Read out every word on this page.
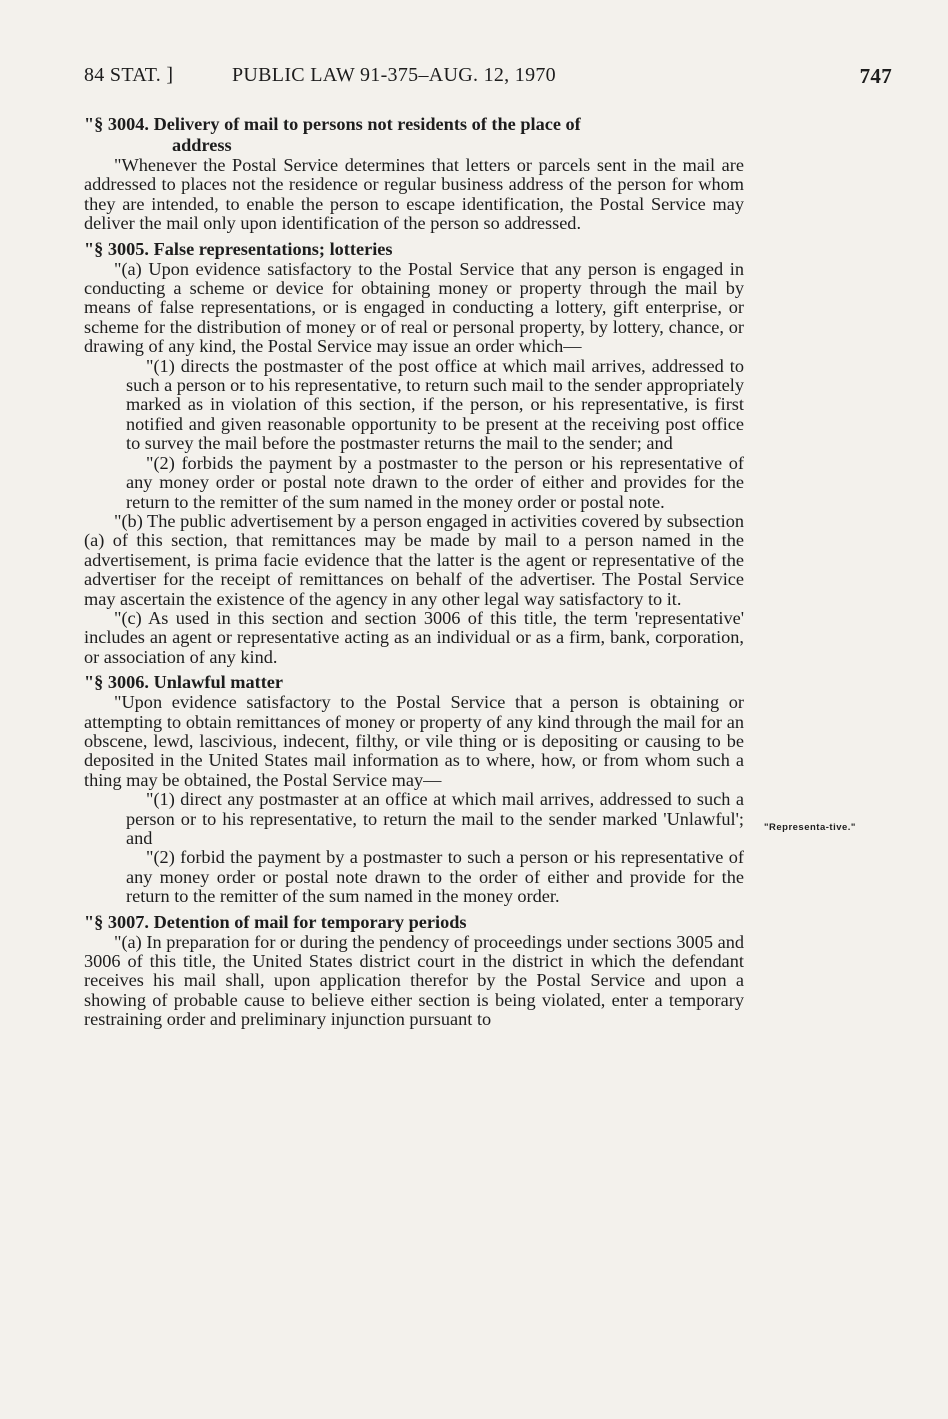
84 STAT. ]	PUBLIC LAW 91-375–AUG. 12, 1970	747
"Representa-tive."
"§ 3004. Delivery of mail to persons not residents of the place of
address

"Whenever the Postal Service determines that letters or parcels sent in the mail are addressed to places not the residence or regular business address of the person for whom they are intended, to enable the person to escape identification, the Postal Service may deliver the mail only upon identification of the person so addressed.

"§ 3005. False representations; lotteries

"(a) Upon evidence satisfactory to the Postal Service that any person is engaged in conducting a scheme or device for obtaining money or property through the mail by means of false representations, or is engaged in conducting a lottery, gift enterprise, or scheme for the distribution of money or of real or personal property, by lottery, chance, or drawing of any kind, the Postal Service may issue an order which—

"(1) directs the postmaster of the post office at which mail arrives, addressed to such a person or to his representative, to return such mail to the sender appropriately marked as in violation of this section, if the person, or his representative, is first notified and given reasonable opportunity to be present at the receiving post office to survey the mail before the postmaster returns the mail to the sender; and

"(2) forbids the payment by a postmaster to the person or his representative of any money order or postal note drawn to the order of either and provides for the return to the remitter of the sum named in the money order or postal note.

"(b) The public advertisement by a person engaged in activities covered by subsection (a) of this section, that remittances may be made by mail to a person named in the advertisement, is prima facie evidence that the latter is the agent or representative of the advertiser for the receipt of remittances on behalf of the advertiser. The Postal Service may ascertain the existence of the agency in any other legal way satisfactory to it.

"(c) As used in this section and section 3006 of this title, the term 'representative' includes an agent or representative acting as an individual or as a firm, bank, corporation, or association of any kind.

"§ 3006. Unlawful matter

"Upon evidence satisfactory to the Postal Service that a person is obtaining or attempting to obtain remittances of money or property of any kind through the mail for an obscene, lewd, lascivious, indecent, filthy, or vile thing or is depositing or causing to be deposited in the United States mail information as to where, how, or from whom such a thing may be obtained, the Postal Service may—

"(1) direct any postmaster at an office at which mail arrives, addressed to such a person or to his representative, to return the mail to the sender marked 'Unlawful'; and

"(2) forbid the payment by a postmaster to such a person or his representative of any money order or postal note drawn to the order of either and provide for the return to the remitter of the sum named in the money order.

"§ 3007. Detention of mail for temporary periods

"(a) In preparation for or during the pendency of proceedings under sections 3005 and 3006 of this title, the United States district court in the district in which the defendant receives his mail shall, upon application therefor by the Postal Service and upon a showing of probable cause to believe either section is being violated, enter a temporary restraining order and preliminary injunction pursuant to
